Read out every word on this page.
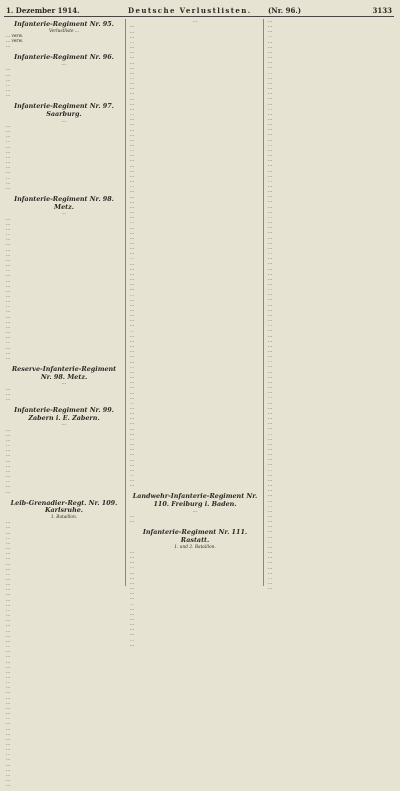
1. Dezember 1914.	Deutsche Verlustlisten. (Nr. 96.)	3133
Infanterie-Regiment Nr. 95.
Verlustliste ...
... verw.
... verw.
...
Infanterie-Regiment Nr. 96.
...
...
...
...
...
...
...
Infanterie-Regiment Nr. 97. Saarburg.
...
...
...
...
...
...
...
...
...
...
...
...
...
...
Infanterie-Regiment Nr. 98. Metz.
...
...
...
...
...
...
...
...
...
...
...
...
...
...
...
...
...
...
...
...
...
...
...
...
...
...
...
...
...
Reserve-Infanterie-Regiment Nr. 98. Metz.
...
...
...
...
Infanterie-Regiment Nr. 99. Zabern i. E. Zabern.
...
...
...
...
...
...
...
...
...
...
...
...
...
...
Leib-Grenadier-Regt. Nr. 109. Karlsruhe.
1. Bataillon.
...
...
...
...
...
...
...
...
...
...
...
...
...
...
...
...
...
...
...
...
...
...
...
...
...
...
...
...
...
...
...
...
...
...
...
...
...
...
...
...
...
...
...
...
...
...
...
...
...
...
...
...
...
...
...
...
...
...
...
...
...
...
...
...
...
...
...
...
...
...
...
...
...
...
...
...
...
...
...
...
...
...
...
...
...
...
...
...
...
...
...
...
...
...
...
...
...
...
...
...
...
...
...
...
...
...
...
...
...
...
...
...
...
...
...
...
...
...
...
...
...
...
...
...
...
...
...
...
...
...
...
...
...
...
...
...
...
...
...
...
...
...
...
Landwehr-Infanterie-Regiment Nr. 110. Freiburg i. Baden.
...
...
...
Infanterie-Regiment Nr. 111. Rastatt.
1. und 2. Bataillon.
...
...
...
...
...
...
...
...
...
...
...
...
...
...
...
...
...
...
...
...
...
...
...
...
...
...
...
...
...
...
...
...
...
...
...
...
...
...
...
...
...
...
...
...
...
...
...
...
...
...
...
...
...
...
...
...
...
...
...
...
...
...
...
...
...
...
...
...
...
...
...
...
...
...
...
...
...
...
...
...
...
...
...
...
...
...
...
...
...
...
...
...
...
...
...
...
...
...
...
...
...
...
...
...
...
...
...
...
...
...
...
...
...
...
...
...
...
...
...
...
...
...
...
...
...
...
...
...
...
...
